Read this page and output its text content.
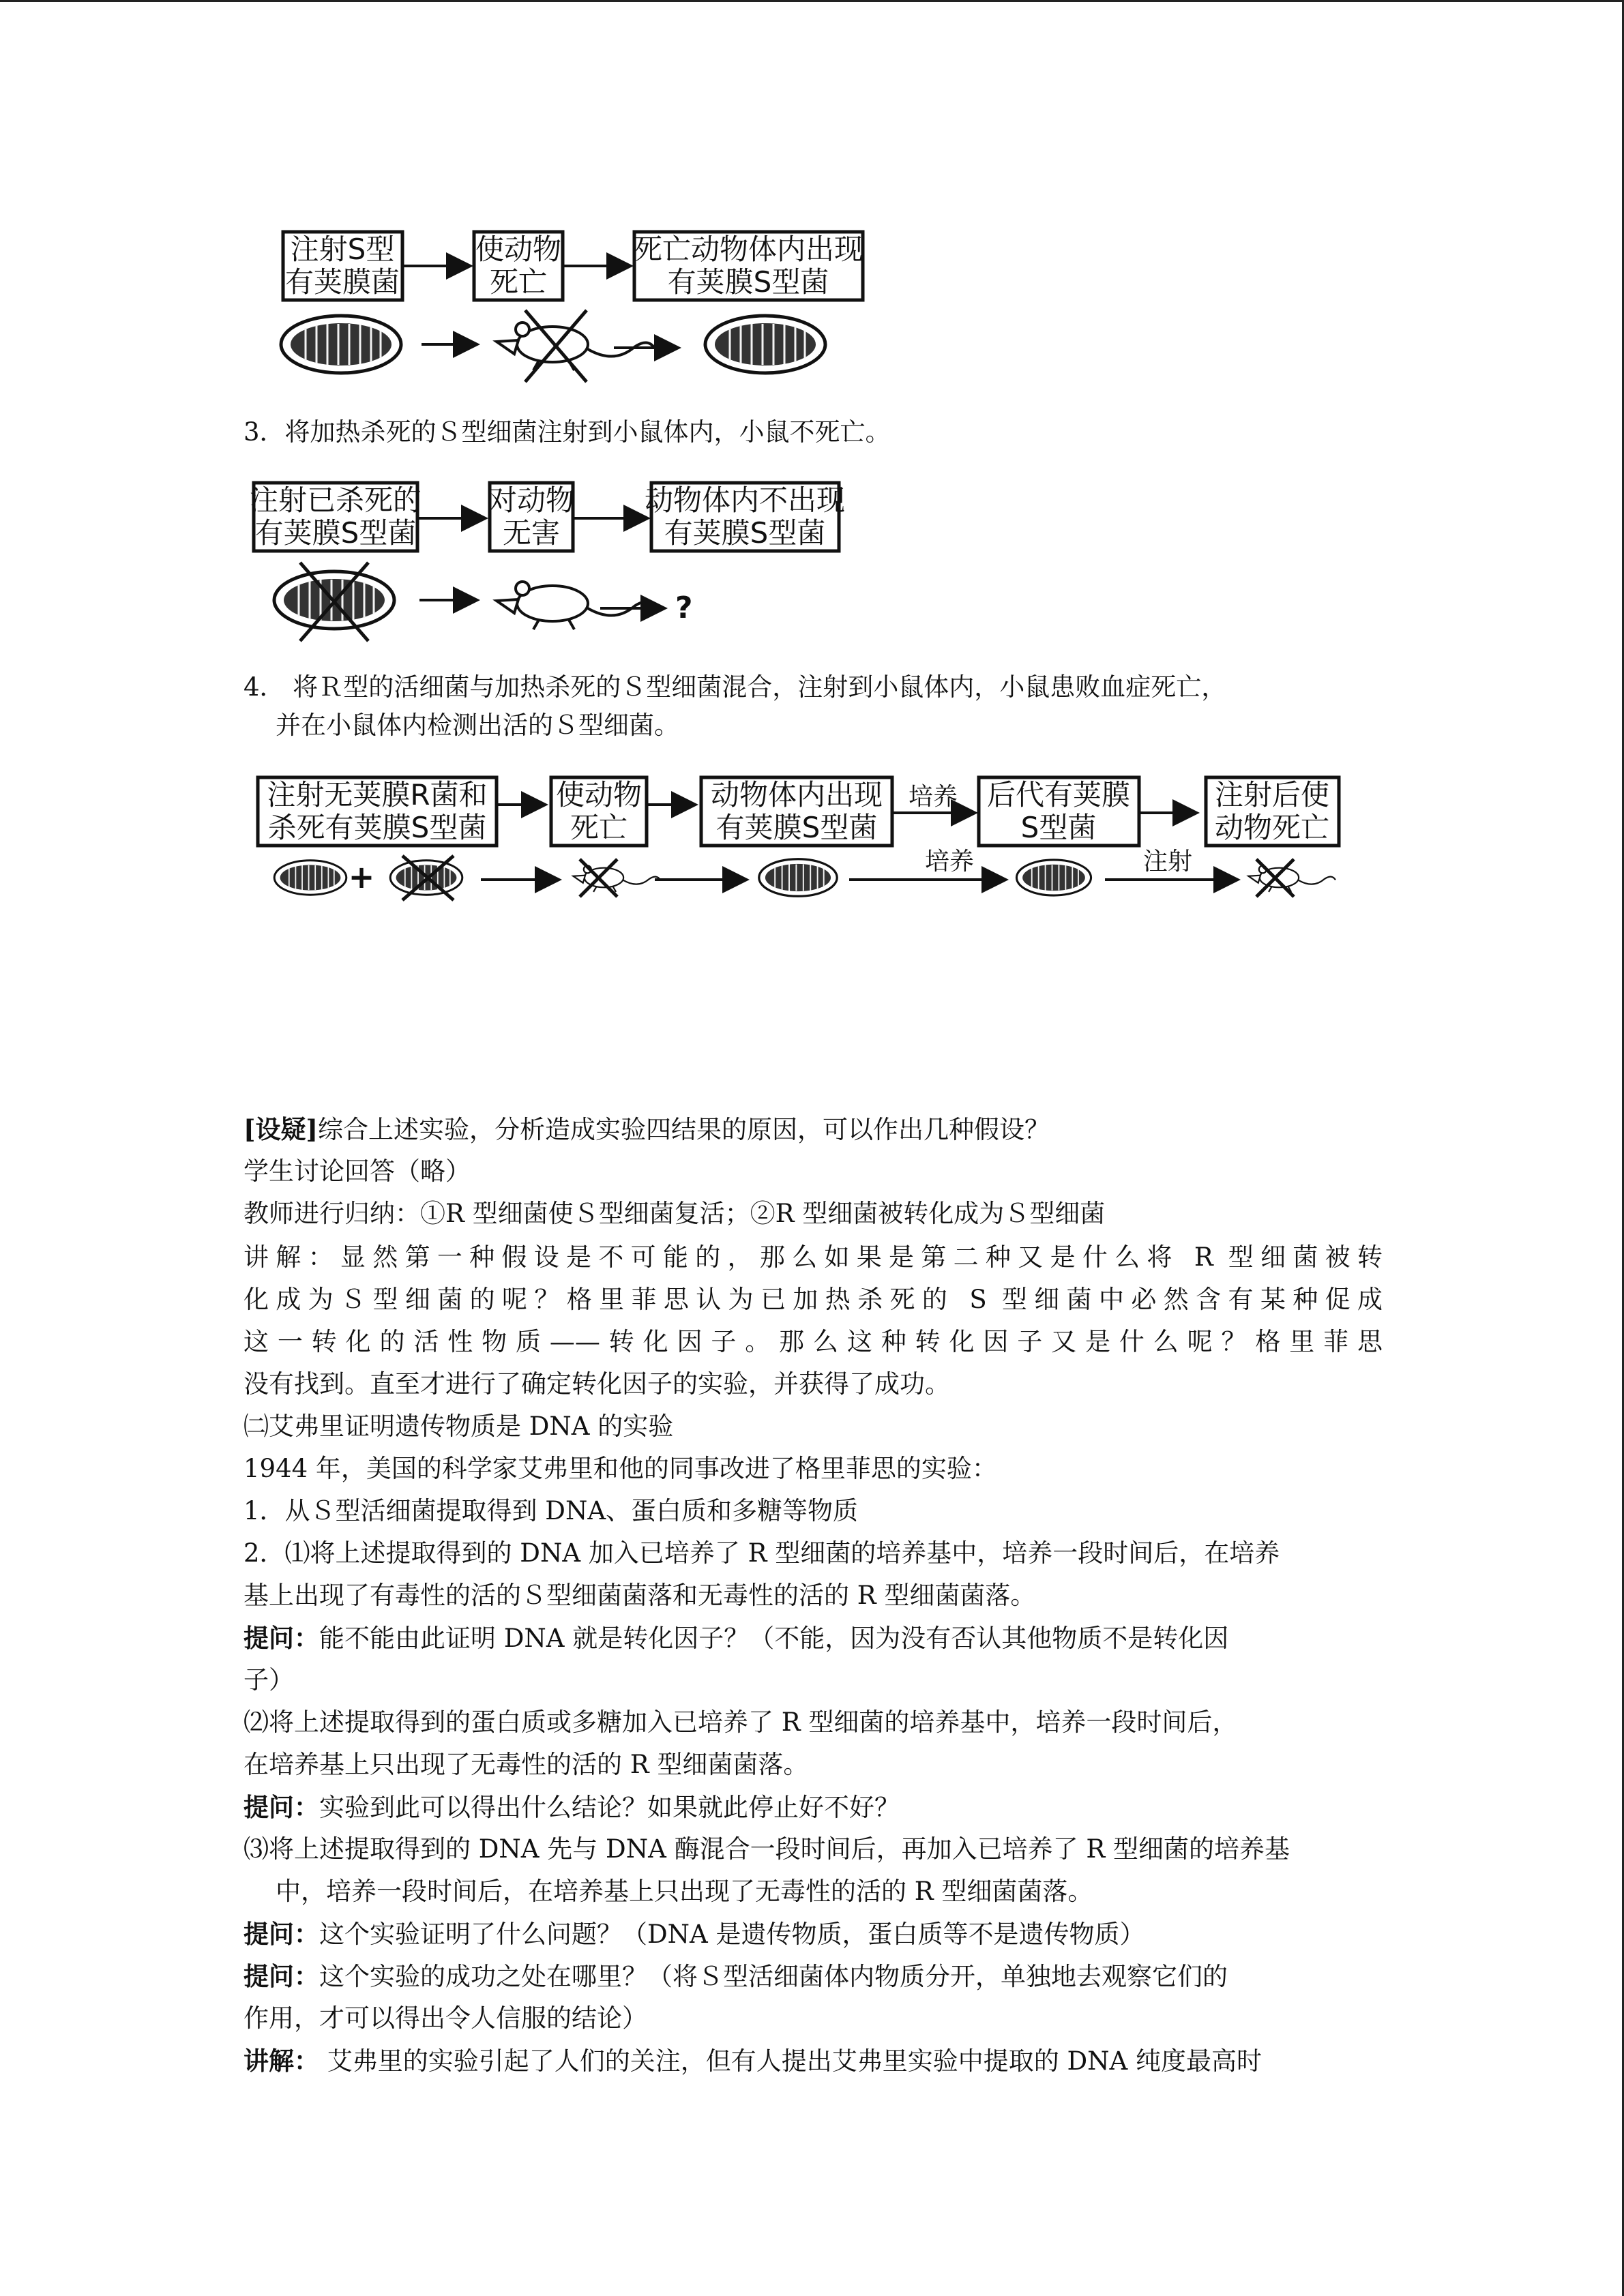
注射S型
有荚膜菌
使动物
死亡
死亡动物体内出现
有荚膜S型菌
注射已杀死的
有荚膜S型菌
对动物
无害
动物体内不出现
有荚膜S型菌
?
注射无荚膜R菌和
杀死有荚膜S型菌
使动物
死亡
动物体内出现
有荚膜S型菌
培养 后代有荚膜
S型菌
注射后使
动物死亡
+	培养	注射

3．将加热杀死的Ｓ型细菌注射到小鼠体内，小鼠不死亡。

4． 将Ｒ型的活细菌与加热杀死的Ｓ型细菌混合，注射到小鼠体内，小鼠患败血症死亡，

并在小鼠体内检测出活的Ｓ型细菌。

[设疑]综合上述实验，分析造成实验四结果的原因，可以作出几种假设？

学生讨论回答（略）

教师进行归纳：①R 型细菌使Ｓ型细菌复活；②R 型细菌被转化成为Ｓ型细菌

讲解：显然第一种假设是不可能的，那么如果是第二种又是什么将 R 型细菌被转

化成为Ｓ型细菌的呢？格里菲思认为已加热杀死的 S 型细菌中必然含有某种促成

这一转化的活性物质——转化因子。那么这种转化因子又是什么呢？格里菲思

没有找到。直至才进行了确定转化因子的实验，并获得了成功。

㈡艾弗里证明遗传物质是 DNA 的实验

1944 年，美国的科学家艾弗里和他的同事改进了格里菲思的实验：

1．从Ｓ型活细菌提取得到 DNA、蛋白质和多糖等物质

2．⑴将上述提取得到的 DNA 加入已培养了 R 型细菌的培养基中，培养一段时间后，在培养

基上出现了有毒性的活的Ｓ型细菌菌落和无毒性的活的 R 型细菌菌落。

提问：能不能由此证明 DNA 就是转化因子？（不能，因为没有否认其他物质不是转化因

子）

⑵将上述提取得到的蛋白质或多糖加入已培养了 R 型细菌的培养基中，培养一段时间后，

在培养基上只出现了无毒性的活的 R 型细菌菌落。

提问：实验到此可以得出什么结论？如果就此停止好不好？

⑶将上述提取得到的 DNA 先与 DNA 酶混合一段时间后，再加入已培养了 R 型细菌的培养基

中，培养一段时间后，在培养基上只出现了无毒性的活的 R 型细菌菌落。

提问：这个实验证明了什么问题？（DNA 是遗传物质，蛋白质等不是遗传物质）

提问：这个实验的成功之处在哪里？（将Ｓ型活细菌体内物质分开，单独地去观察它们的

作用，才可以得出令人信服的结论）

讲解： 艾弗里的实验引起了人们的关注，但有人提出艾弗里实验中提取的 DNA 纯度最高时
